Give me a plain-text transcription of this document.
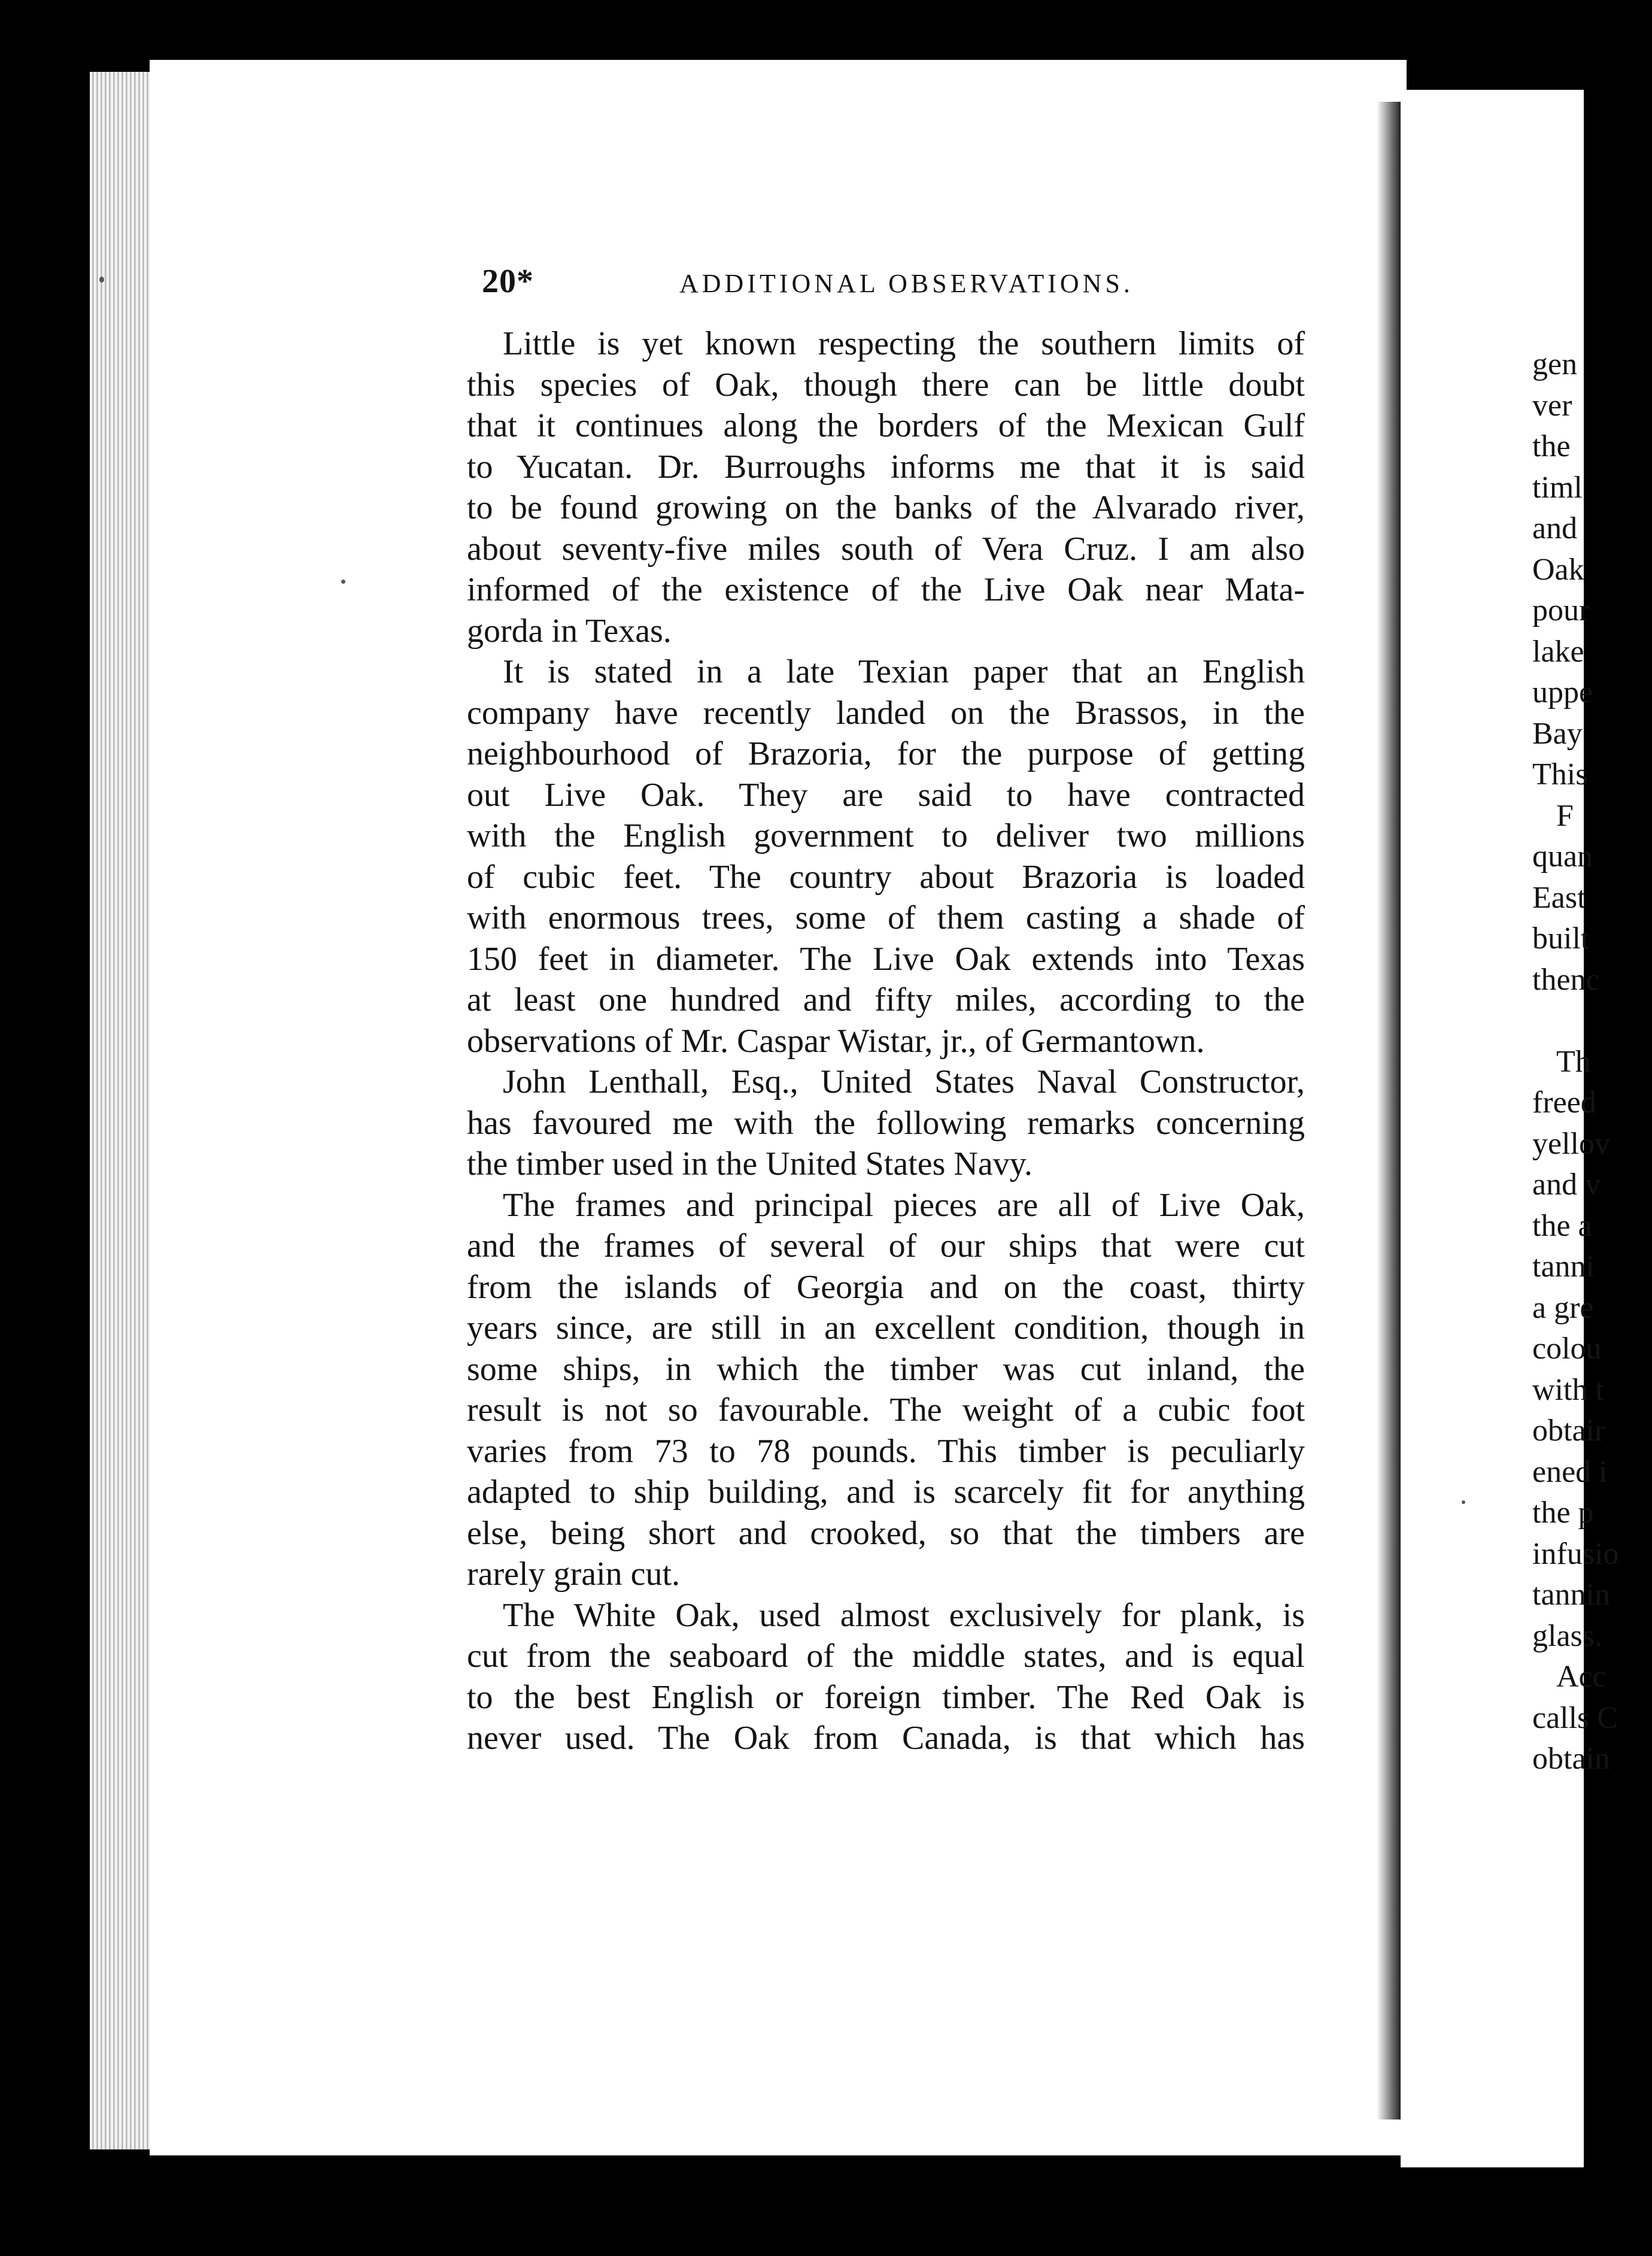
20*	ADDITIONAL OBSERVATIONS.
Little is yet known respecting the southern limits of
this species of Oak, though there can be little doubt
that it continues along the borders of the Mexican Gulf
to Yucatan. Dr. Burroughs informs me that it is said
to be found growing on the banks of the Alvarado river,
about seventy-five miles south of Vera Cruz. I am also
informed of the existence of the Live Oak near Mata-
gorda in Texas.
It is stated in a late Texian paper that an English
company have recently landed on the Brassos, in the
neighbourhood of Brazoria, for the purpose of getting
out Live Oak. They are said to have contracted
with the English government to deliver two millions
of cubic feet. The country about Brazoria is loaded
with enormous trees, some of them casting a shade of
150 feet in diameter. The Live Oak extends into Texas
at least one hundred and fifty miles, according to the
observations of Mr. Caspar Wistar, jr., of Germantown.
John Lenthall, Esq., United States Naval Constructor,
has favoured me with the following remarks concerning
the timber used in the United States Navy.
The frames and principal pieces are all of Live Oak,
and the frames of several of our ships that were cut
from the islands of Georgia and on the coast, thirty
years since, are still in an excellent condition, though in
some ships, in which the timber was cut inland, the
result is not so favourable. The weight of a cubic foot
varies from 73 to 78 pounds. This timber is peculiarly
adapted to ship building, and is scarcely fit for anything
else, being short and crooked, so that the timbers are
rarely grain cut.
The White Oak, used almost exclusively for plank, is
cut from the seaboard of the middle states, and is equal
to the best English or foreign timber. The Red Oak is
never used. The Oak from Canada, is that which has
gen
ver
the
timl
and
Oak
pour
lake
uppe
Bay
This
F
quan
East
built
thenc
Th
freed
yellov
and v
the a
tanni
a gre
colou
with t
obtair
ened i
the p
infusio
tannin
glass.
Acc
calls C
obtain
